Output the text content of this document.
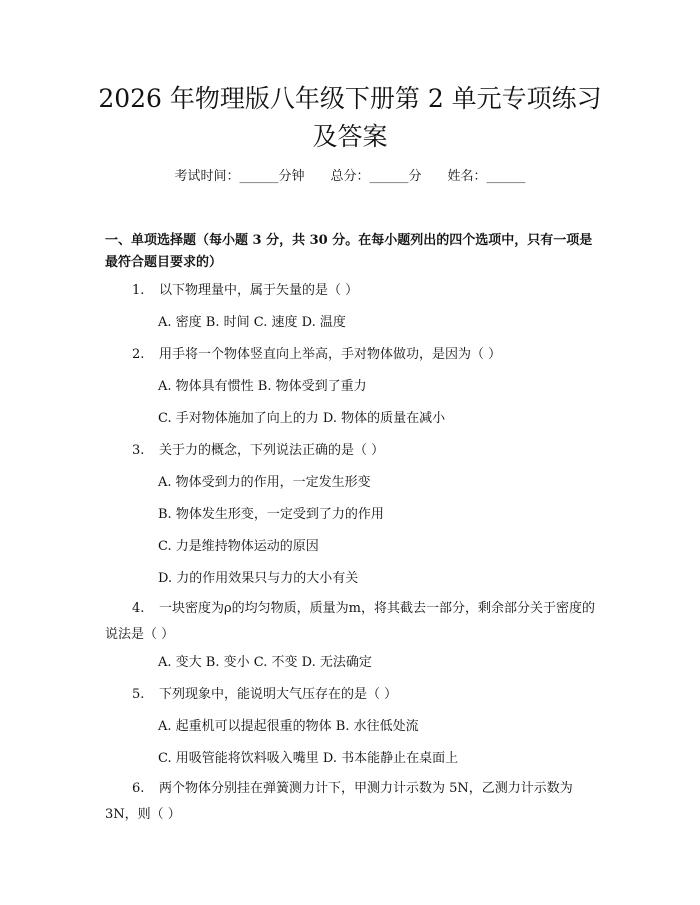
2026 年物理版八年级下册第 2 单元专项练习
及答案
考试时间：______分钟 总分：______分 姓名：______

一、单项选择题（每小题 3 分，共 30 分。在每小题列出的四个选项中，只有一项是最符合题目要求的）

1. 以下物理量中，属于矢量的是（ ）
A. 密度 B. 时间 C. 速度 D. 温度
2. 用手将一个物体竖直向上举高，手对物体做功，是因为（ ）
A. 物体具有惯性 B. 物体受到了重力
C. 手对物体施加了向上的力 D. 物体的质量在减小
3. 关于力的概念，下列说法正确的是（ ）
A. 物体受到力的作用，一定发生形变
B. 物体发生形变，一定受到了力的作用
C. 力是维持物体运动的原因
D. 力的作用效果只与力的大小有关
4. 一块密度为ρ的均匀物质，质量为m，将其截去一部分，剩余部分关于密度的说法是（ ）
A. 变大 B. 变小 C. 不变 D. 无法确定
5. 下列现象中，能说明大气压存在的是（ ）
A. 起重机可以提起很重的物体 B. 水往低处流
C. 用吸管能将饮料吸入嘴里 D. 书本能静止在桌面上
6. 两个物体分别挂在弹簧测力计下，甲测力计示数为 5N，乙测力计示数为 3N，则（ ）
